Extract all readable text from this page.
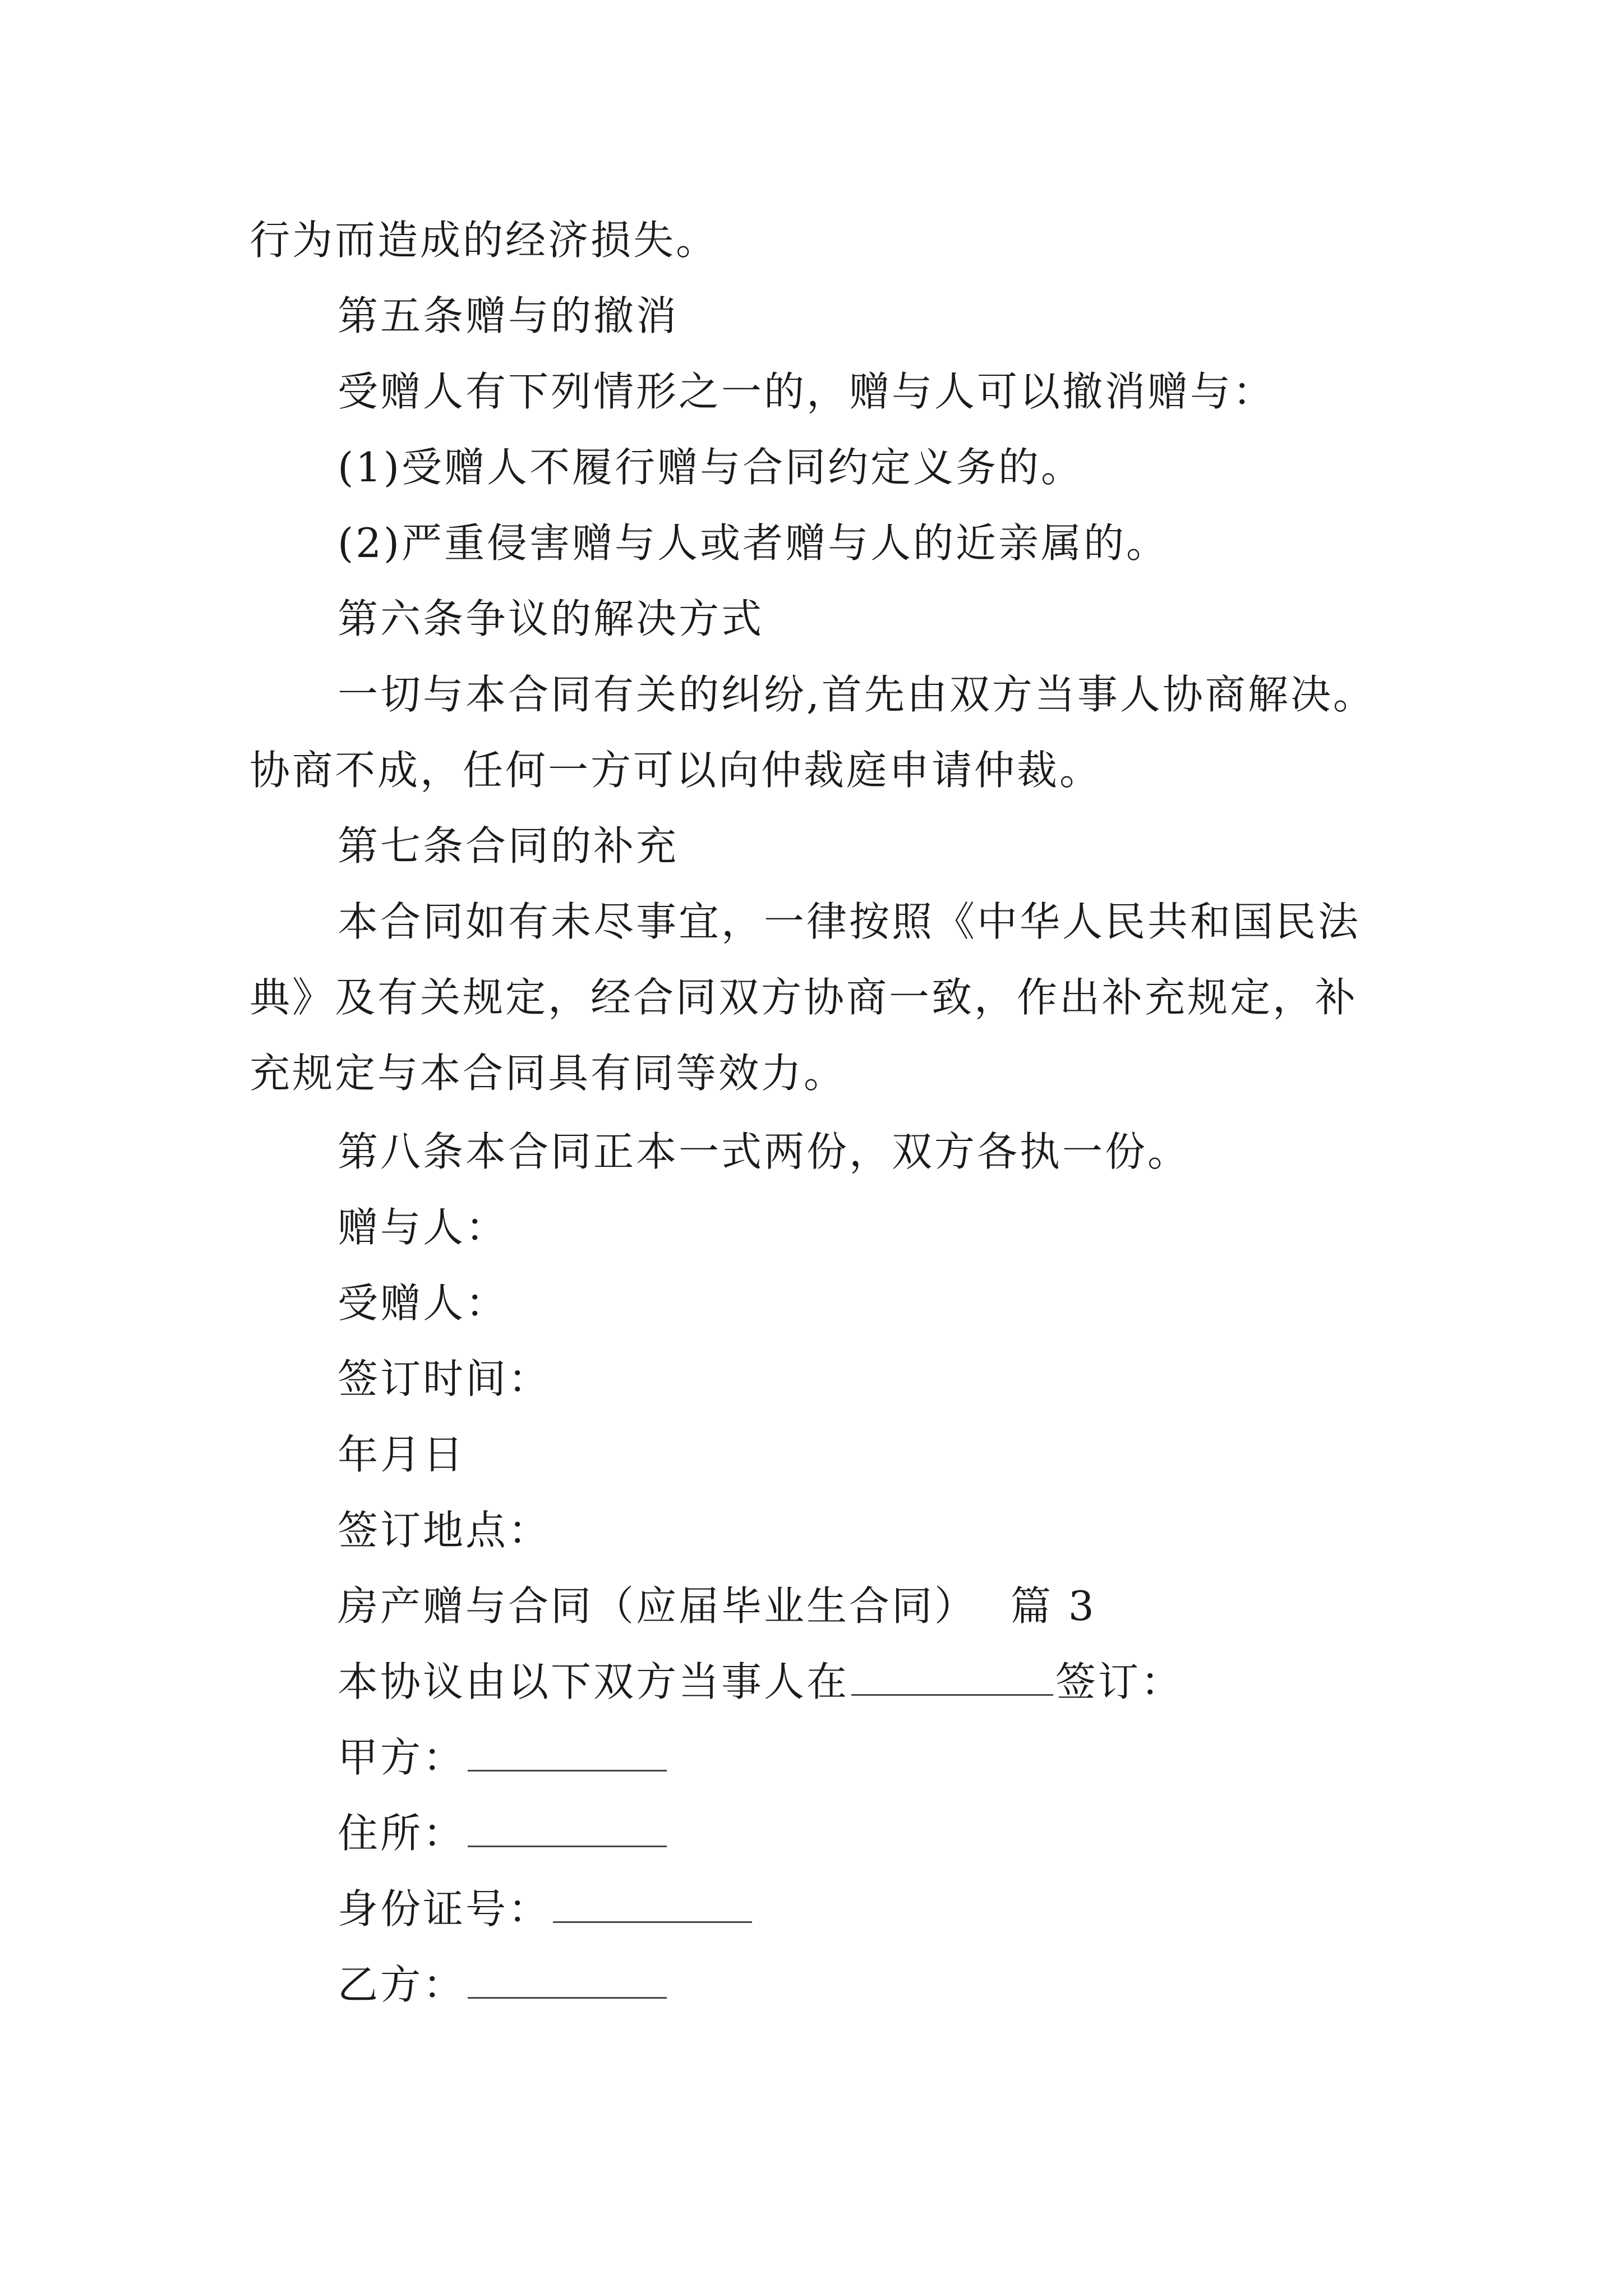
行为而造成的经济损失。
第五条赠与的撤消
受赠人有下列情形之一的，赠与人可以撤消赠与：
(1)受赠人不履行赠与合同约定义务的。
(2)严重侵害赠与人或者赠与人的近亲属的。
第六条争议的解决方式
一切与本合同有关的纠纷,首先由双方当事人协商解决。
协商不成，任何一方可以向仲裁庭申请仲裁。
第七条合同的补充
本合同如有未尽事宜，一律按照《中华人民共和国民法
典》及有关规定，经合同双方协商一致，作出补充规定，补
充规定与本合同具有同等效力。
第八条本合同正本一式两份，双方各执一份。
赠与人：
受赠人：
签订时间：
年月日
签订地点：
房产赠与合同（应届毕业生合同） 篇 3
本协议由以下双方当事人在	签订：
甲方：
住所：
身份证号：
乙方：
